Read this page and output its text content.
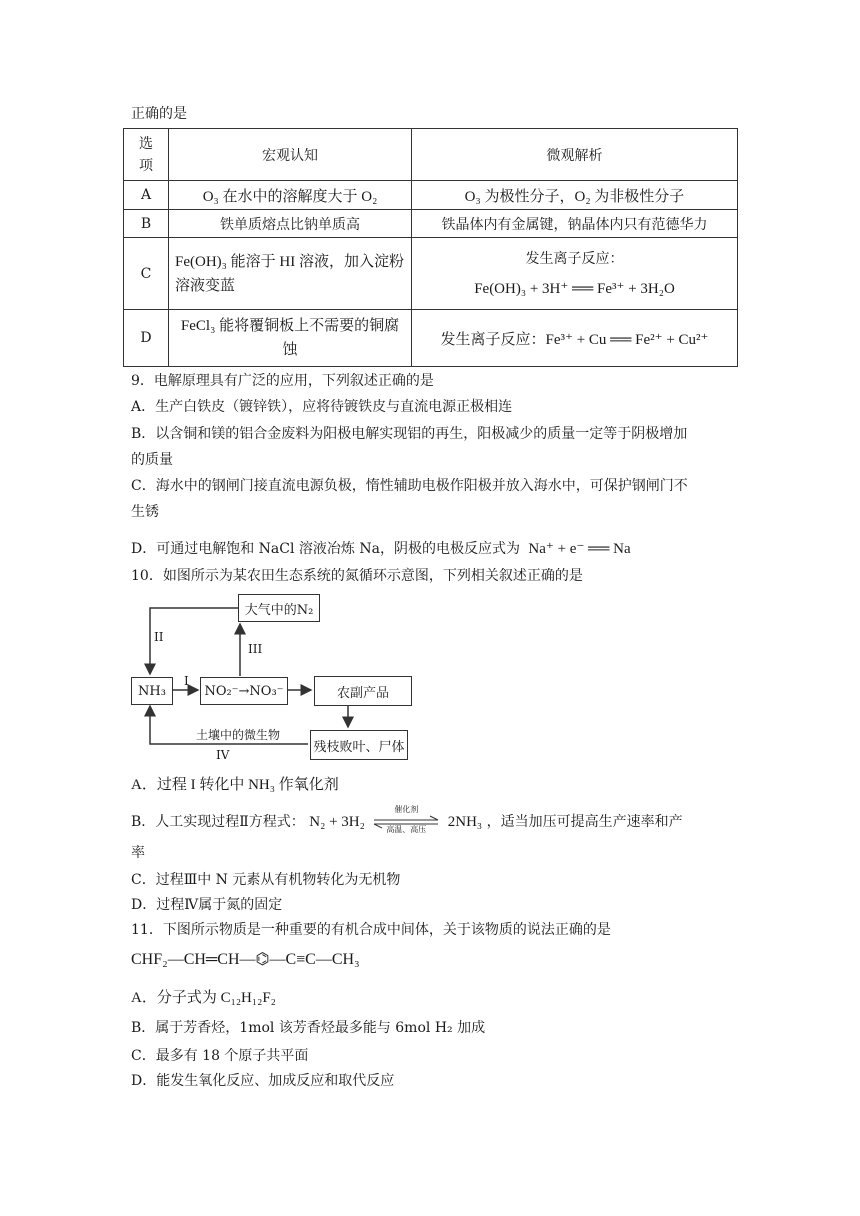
正确的是
选项	宏观认知	微观解析
A	O₃ 在水中的溶解度大于 O₂	O₃ 为极性分子，O₂ 为非极性分子
B	铁单质熔点比钠单质高	铁晶体内有金属键，钠晶体内只有范德华力
C	Fe(OH)₃ 能溶于 HI 溶液，加入淀粉溶液变蓝	发生离子反应：
Fe(OH)₃ + 3H⁺ ══ Fe³⁺ + 3H₂O

D	FeCl₃ 能将覆铜板上不需要的铜腐蚀	发生离子反应：Fe³⁺ + Cu ══ Fe²⁺ + Cu²⁺
9．电解原理具有广泛的应用，下列叙述正确的是
A．生产白铁皮（镀锌铁），应将待镀铁皮与直流电源正极相连
B．以含铜和镁的铝合金废料为阳极电解实现铝的再生，阳极减少的质量一定等于阴极增加
的质量
C．海水中的钢闸门接直流电源负极，惰性辅助电极作阳极并放入海水中，可保护钢闸门不
生锈
D．可通过电解饱和 NaCl 溶液冶炼 Na，阴极的电极反应式为 Na⁺ + e⁻ ══ Na
10．如图所示为某农田生态系统的氮循环示意图，下列相关叙述正确的是
大气中的N₂
NH₃	NO₂⁻→NO₃⁻	农副产品
残枝败叶、尸体
土壤中的微生物
I
II
III
IV
A．过程 I 转化中 NH₃ 作氧化剂
B．人工实现过程Ⅱ方程式： N₂ + 3H₂
催化剂
高温、高压	2NH₃ ，适当加压可提高生产速率和产
率
C．过程Ⅲ中 N 元素从有机物转化为无机物
D．过程Ⅳ属于氮的固定
11．下图所示物质是一种重要的有机合成中间体，关于该物质的说法正确的是
CHF₂—CH═CH—⌬—C≡C—CH₃
A．分子式为 C₁₂H₁₂F₂
B．属于芳香烃，1mol 该芳香烃最多能与 6mol H₂ 加成
C．最多有 18 个原子共平面
D．能发生氧化反应、加成反应和取代反应
